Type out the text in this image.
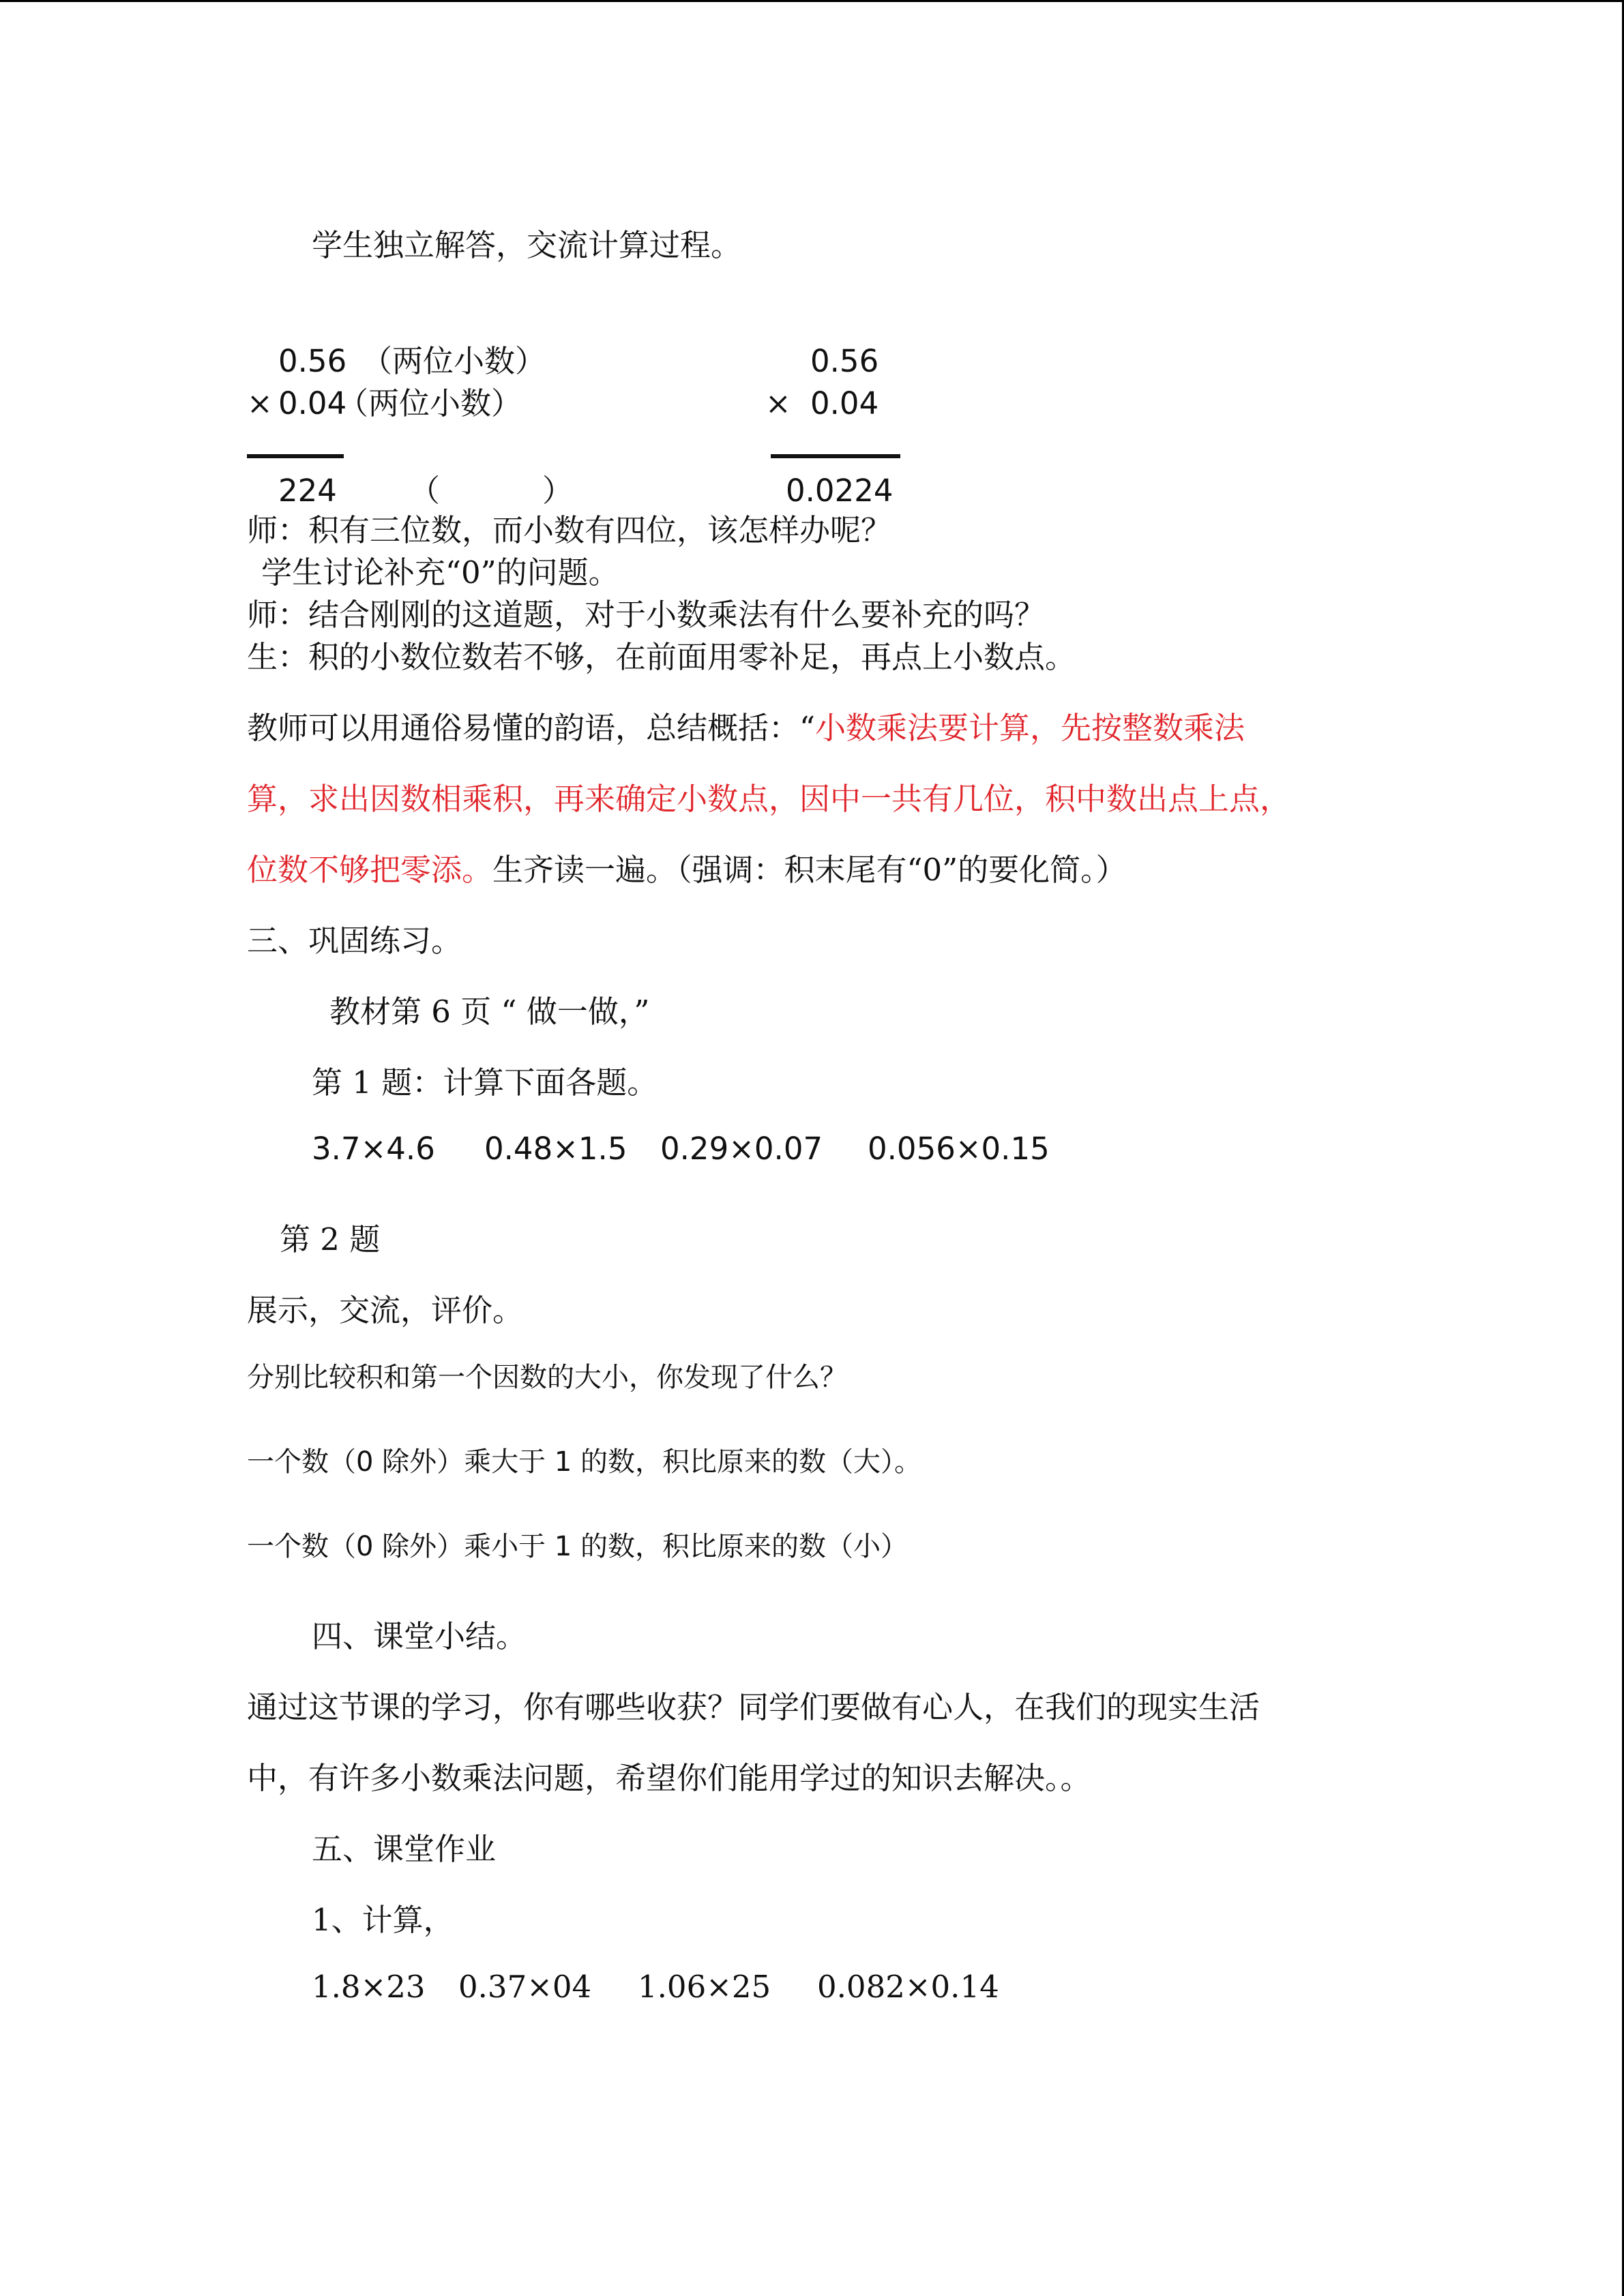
学生独立解答，交流计算过程。
0.56 （两位小数）
× 0.04
（两位小数）
224 （	）
0.56
× 0.04
0.0224
师：积有三位数，而小数有四位，该怎样办呢？
学生讨论补充“0”的问题。
师：结合刚刚的这道题，对于小数乘法有什么要补充的吗？
生：积的小数位数若不够，在前面用零补足，再点上小数点。
教师可以用通俗易懂的韵语，总结概括：“小数乘法要计算，先按整数乘法
算，求出因数相乘积，再来确定小数点，因中一共有几位，积中数出点上点，
位数不够把零添。生齐读一遍。（强调：积末尾有“0”的要化简。）
三、巩固练习。
教材第 6 页 “ 做一做，”
第 1 题：计算下面各题。
3.7×4.6 0.48×1.5 0.29×0.07 0.056×0.15
第 2 题
展示，交流，评价。
分别比较积和第一个因数的大小，你发现了什么？
一个数（0 除外）乘大于 1 的数，积比原来的数（大）。
一个数（0 除外）乘小于 1 的数，积比原来的数（小）
四、课堂小结。
通过这节课的学习，你有哪些收获？同学们要做有心人，在我们的现实生活
中，有许多小数乘法问题，希望你们能用学过的知识去解决。。
五、课堂作业
1、计算，
1.8×23 0.37×04 1.06×25 0.082×0.14
